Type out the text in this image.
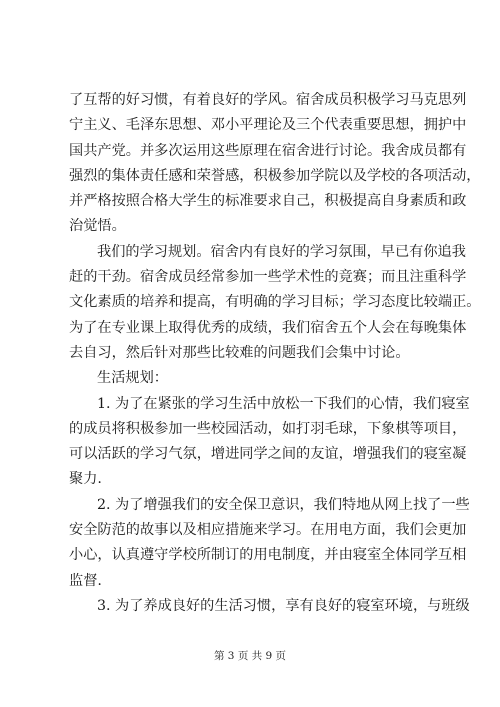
了互帮的好习惯，有着良好的学风。宿舍成员积极学习马克思列
宁主义、毛泽东思想、邓小平理论及三个代表重要思想，拥护中
国共产党。并多次运用这些原理在宿舍进行讨论。我舍成员都有
强烈的集体责任感和荣誉感，积极参加学院以及学校的各项活动，
并严格按照合格大学生的标准要求自己，积极提高自身素质和政
治觉悟。

我们的学习规划。宿舍内有良好的学习氛围，早已有你追我
赶的干劲。宿舍成员经常参加一些学术性的竞赛；而且注重科学
文化素质的培养和提高，有明确的学习目标；学习态度比较端正。
为了在专业课上取得优秀的成绩，我们宿舍五个人会在每晚集体
去自习，然后针对那些比较难的问题我们会集中讨论。

生活规划：

1. 为了在紧张的学习生活中放松一下我们的心情，我们寝室
的成员将积极参加一些校园活动，如打羽毛球，下象棋等项目，
可以活跃的学习气氛，增进同学之间的友谊，增强我们的寝室凝
聚力.

2. 为了增强我们的安全保卫意识，我们特地从网上找了一些
安全防范的故事以及相应措施来学习。在用电方面，我们会更加
小心，认真遵守学校所制订的用电制度，并由寝室全体同学互相
监督.

3. 为了养成良好的生活习惯，享有良好的寝室环境，与班级

第 3 页 共 9 页
